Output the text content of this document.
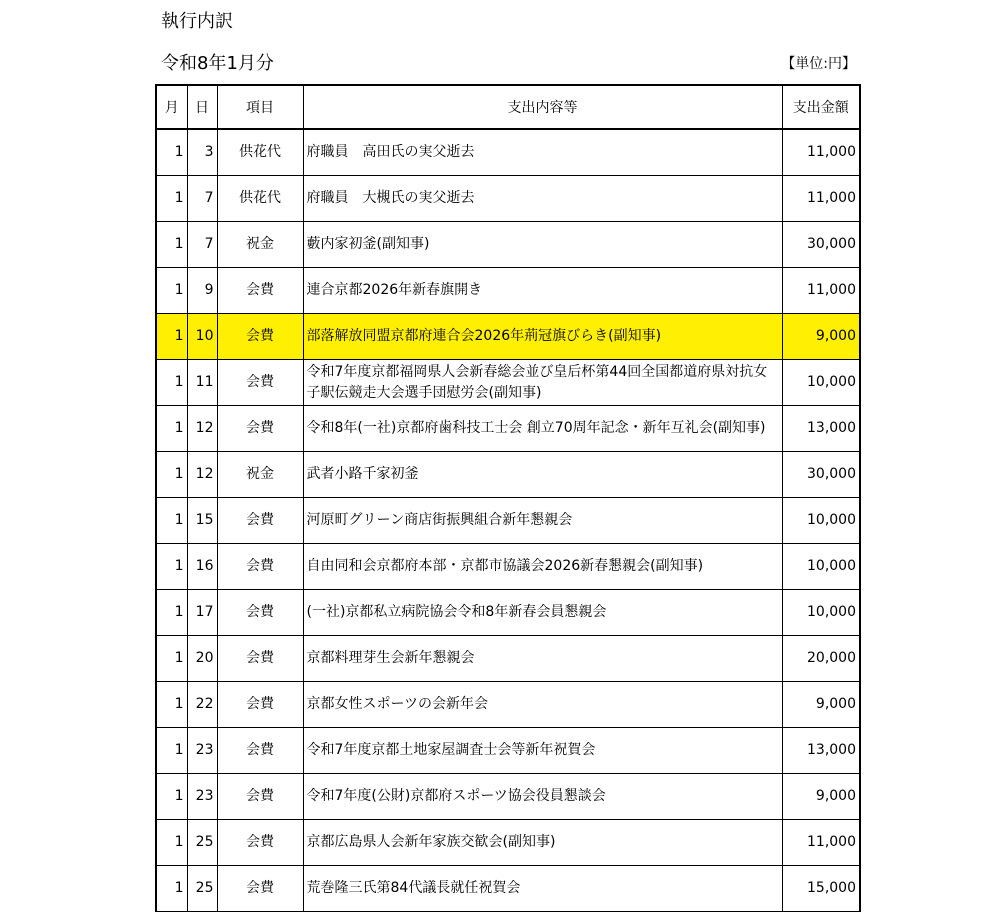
執行内訳
令和8年1月分	【単位:円】
月	日	項目	支出内容等	支出金額
1	3	供花代	府職員　高田氏の実父逝去	11,000
1	7	供花代	府職員　大槻氏の実父逝去	11,000
1	7	祝金	藪内家初釜(副知事)	30,000
1	9	会費	連合京都2026年新春旗開き	11,000
1	10	会費	部落解放同盟京都府連合会2026年荊冠旗びらき(副知事)	9,000
1	11	会費	令和7年度京都福岡県人会新春総会並び皇后杯第44回全国都道府県対抗女子駅伝競走大会選手団慰労会(副知事)	10,000
1	12	会費	令和8年(一社)京都府歯科技工士会 創立70周年記念・新年互礼会(副知事)	13,000
1	12	祝金	武者小路千家初釜	30,000
1	15	会費	河原町グリーン商店街振興組合新年懇親会	10,000
1	16	会費	自由同和会京都府本部・京都市協議会2026新春懇親会(副知事)	10,000
1	17	会費	(一社)京都私立病院協会令和8年新春会員懇親会	10,000
1	20	会費	京都料理芽生会新年懇親会	20,000
1	22	会費	京都女性スポーツの会新年会	9,000
1	23	会費	令和7年度京都土地家屋調査士会等新年祝賀会	13,000
1	23	会費	令和7年度(公財)京都府スポーツ協会役員懇談会	9,000
1	25	会費	京都広島県人会新年家族交歓会(副知事)	11,000
1	25	会費	荒巻隆三氏第84代議長就任祝賀会	15,000
